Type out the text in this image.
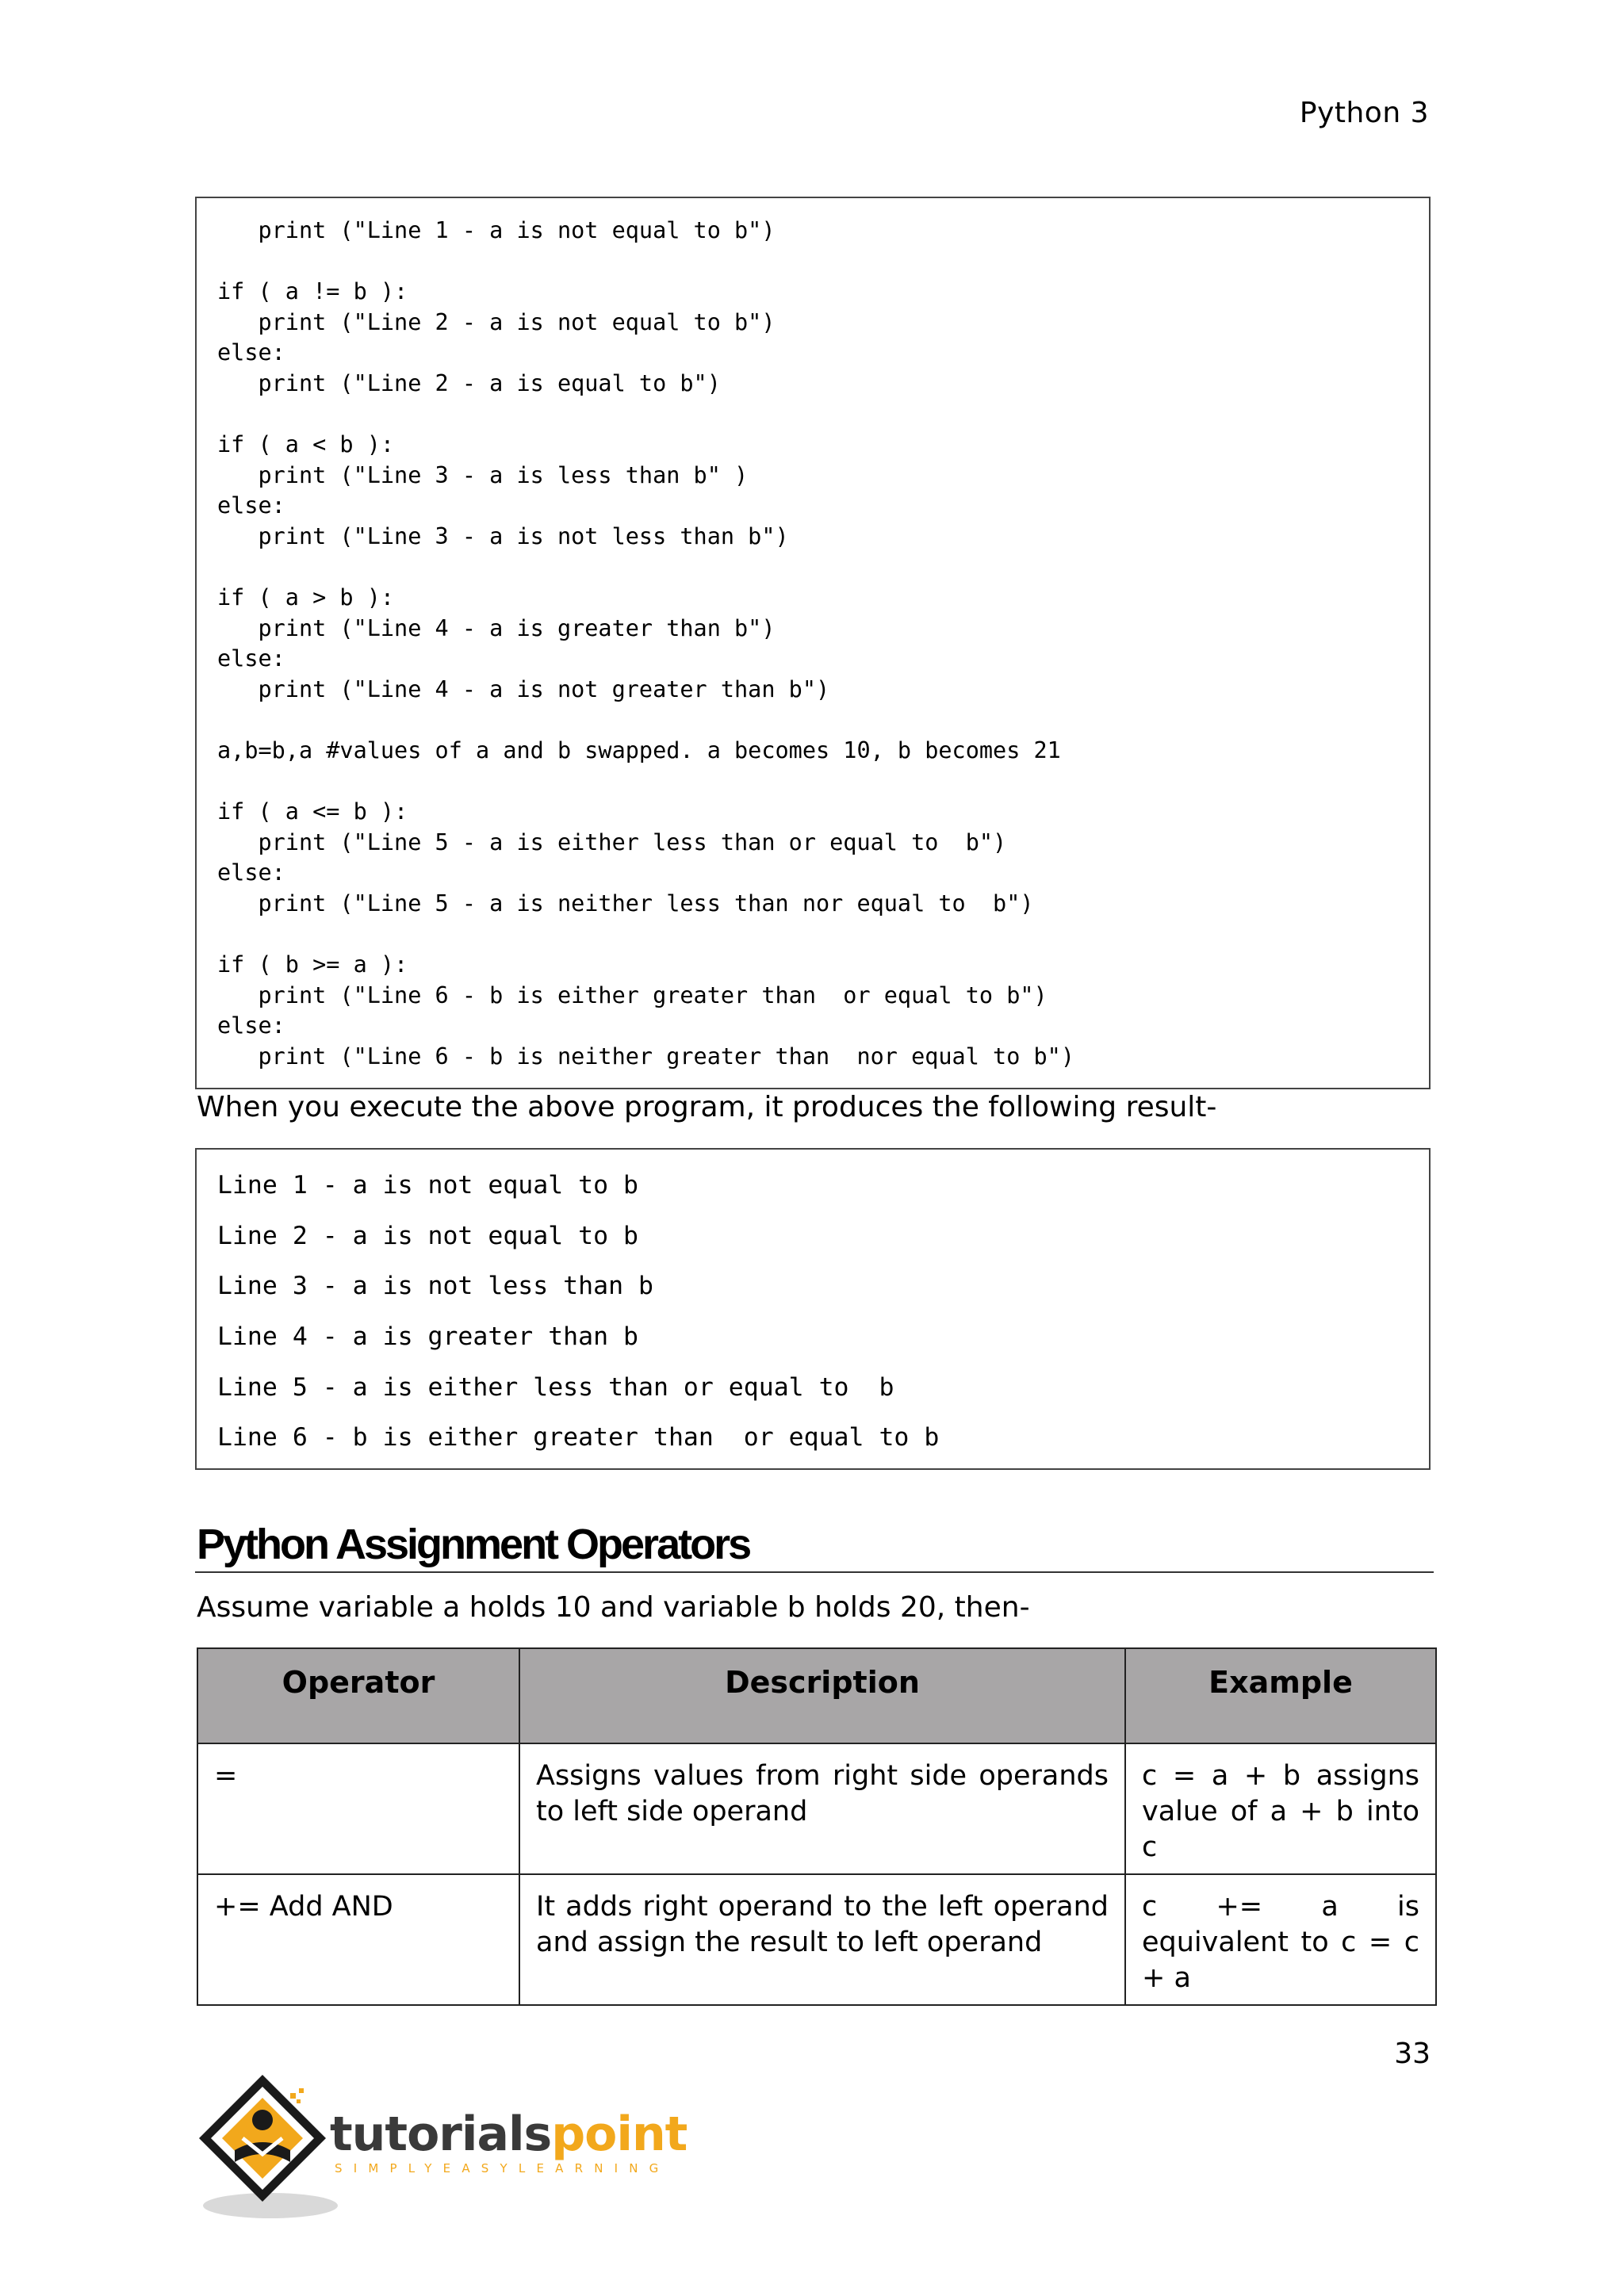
Python 3
print ("Line 1 - a is not equal to b")
if ( a != b ):
print ("Line 2 - a is not equal to b")
else:
print ("Line 2 - a is equal to b")
if ( a < b ):
print ("Line 3 - a is less than b" )
else:
print ("Line 3 - a is not less than b")
if ( a > b ):
print ("Line 4 - a is greater than b")
else:
print ("Line 4 - a is not greater than b")
a,b=b,a #values of a and b swapped. a becomes 10, b becomes 21
if ( a <= b ):
print ("Line 5 - a is either less than or equal to  b")
else:
print ("Line 5 - a is neither less than nor equal to  b")
if ( b >= a ):
print ("Line 6 - b is either greater than  or equal to b")
else:
print ("Line 6 - b is neither greater than  nor equal to b")
When you execute the above program, it produces the following result-
Line 1 - a is not equal to b
Line 2 - a is not equal to b
Line 3 - a is not less than b
Line 4 - a is greater than b
Line 5 - a is either less than or equal to  b
Line 6 - b is either greater than  or equal to b
Python Assignment Operators
Assume variable a holds 10 and variable b holds 20, then-
Operator	Description	Example
=	Assigns values from right side operands to left side operand	c = a + b assigns value of a + b into c
+= Add AND	It adds right operand to the left operand and assign the result to left operand	c += a is equivalent to c = c + a
33
tutorialspoint
SIMPLYEASYLEARNING
